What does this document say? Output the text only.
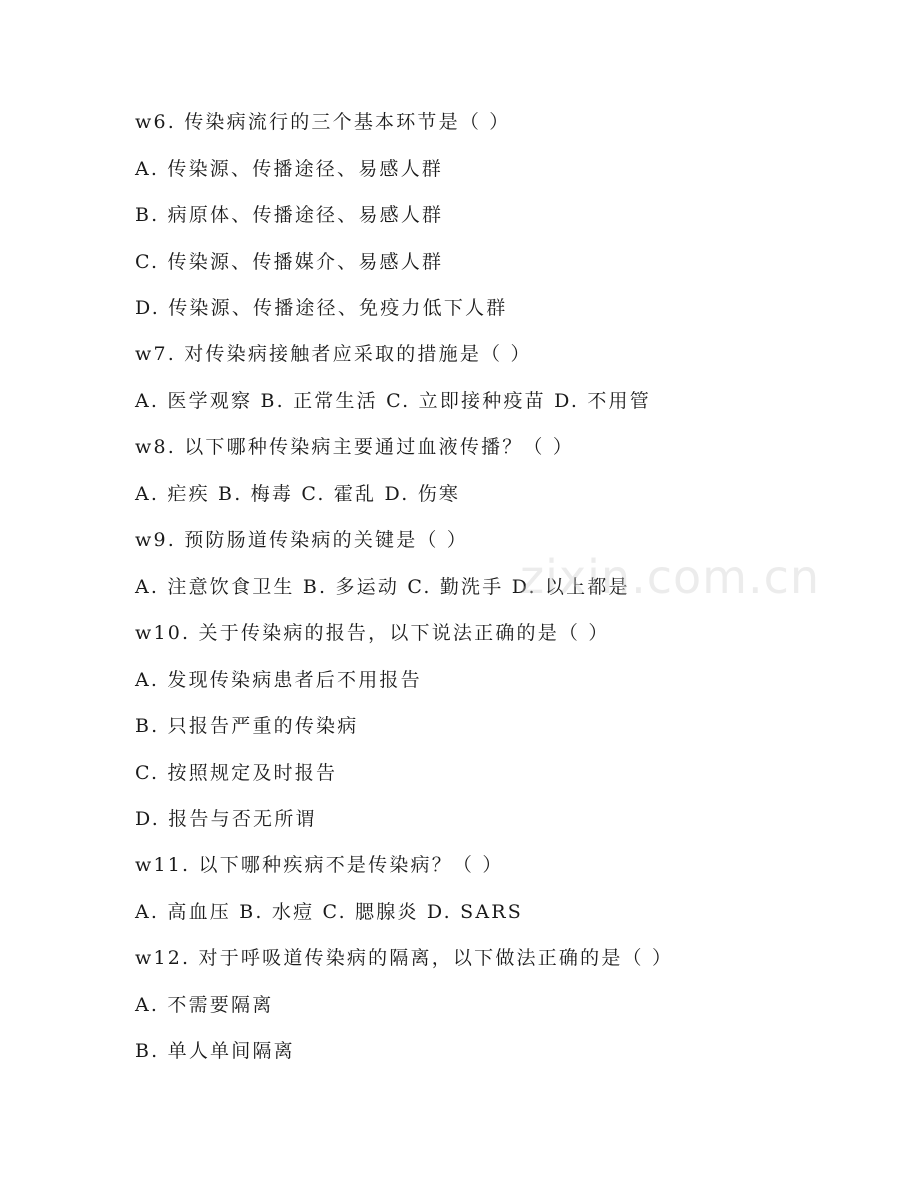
w6. 传染病流行的三个基本环节是（ ）
A. 传染源、传播途径、易感人群
B. 病原体、传播途径、易感人群
C. 传染源、传播媒介、易感人群
D. 传染源、传播途径、免疫力低下人群
w7. 对传染病接触者应采取的措施是（ ）
A. 医学观察 B. 正常生活 C. 立即接种疫苗 D. 不用管
w8. 以下哪种传染病主要通过血液传播？（ ）
A. 疟疾 B. 梅毒 C. 霍乱 D. 伤寒
w9. 预防肠道传染病的关键是（ ）
A. 注意饮食卫生 B. 多运动 C. 勤洗手 D. 以上都是
w10. 关于传染病的报告，以下说法正确的是（ ）
A. 发现传染病患者后不用报告
B. 只报告严重的传染病
C. 按照规定及时报告
D. 报告与否无所谓
w11. 以下哪种疾病不是传染病？（ ）
A. 高血压 B. 水痘 C. 腮腺炎 D. SARS
w12. 对于呼吸道传染病的隔离，以下做法正确的是（ ）
A. 不需要隔离
B. 单人单间隔离
zixin.com.cn
